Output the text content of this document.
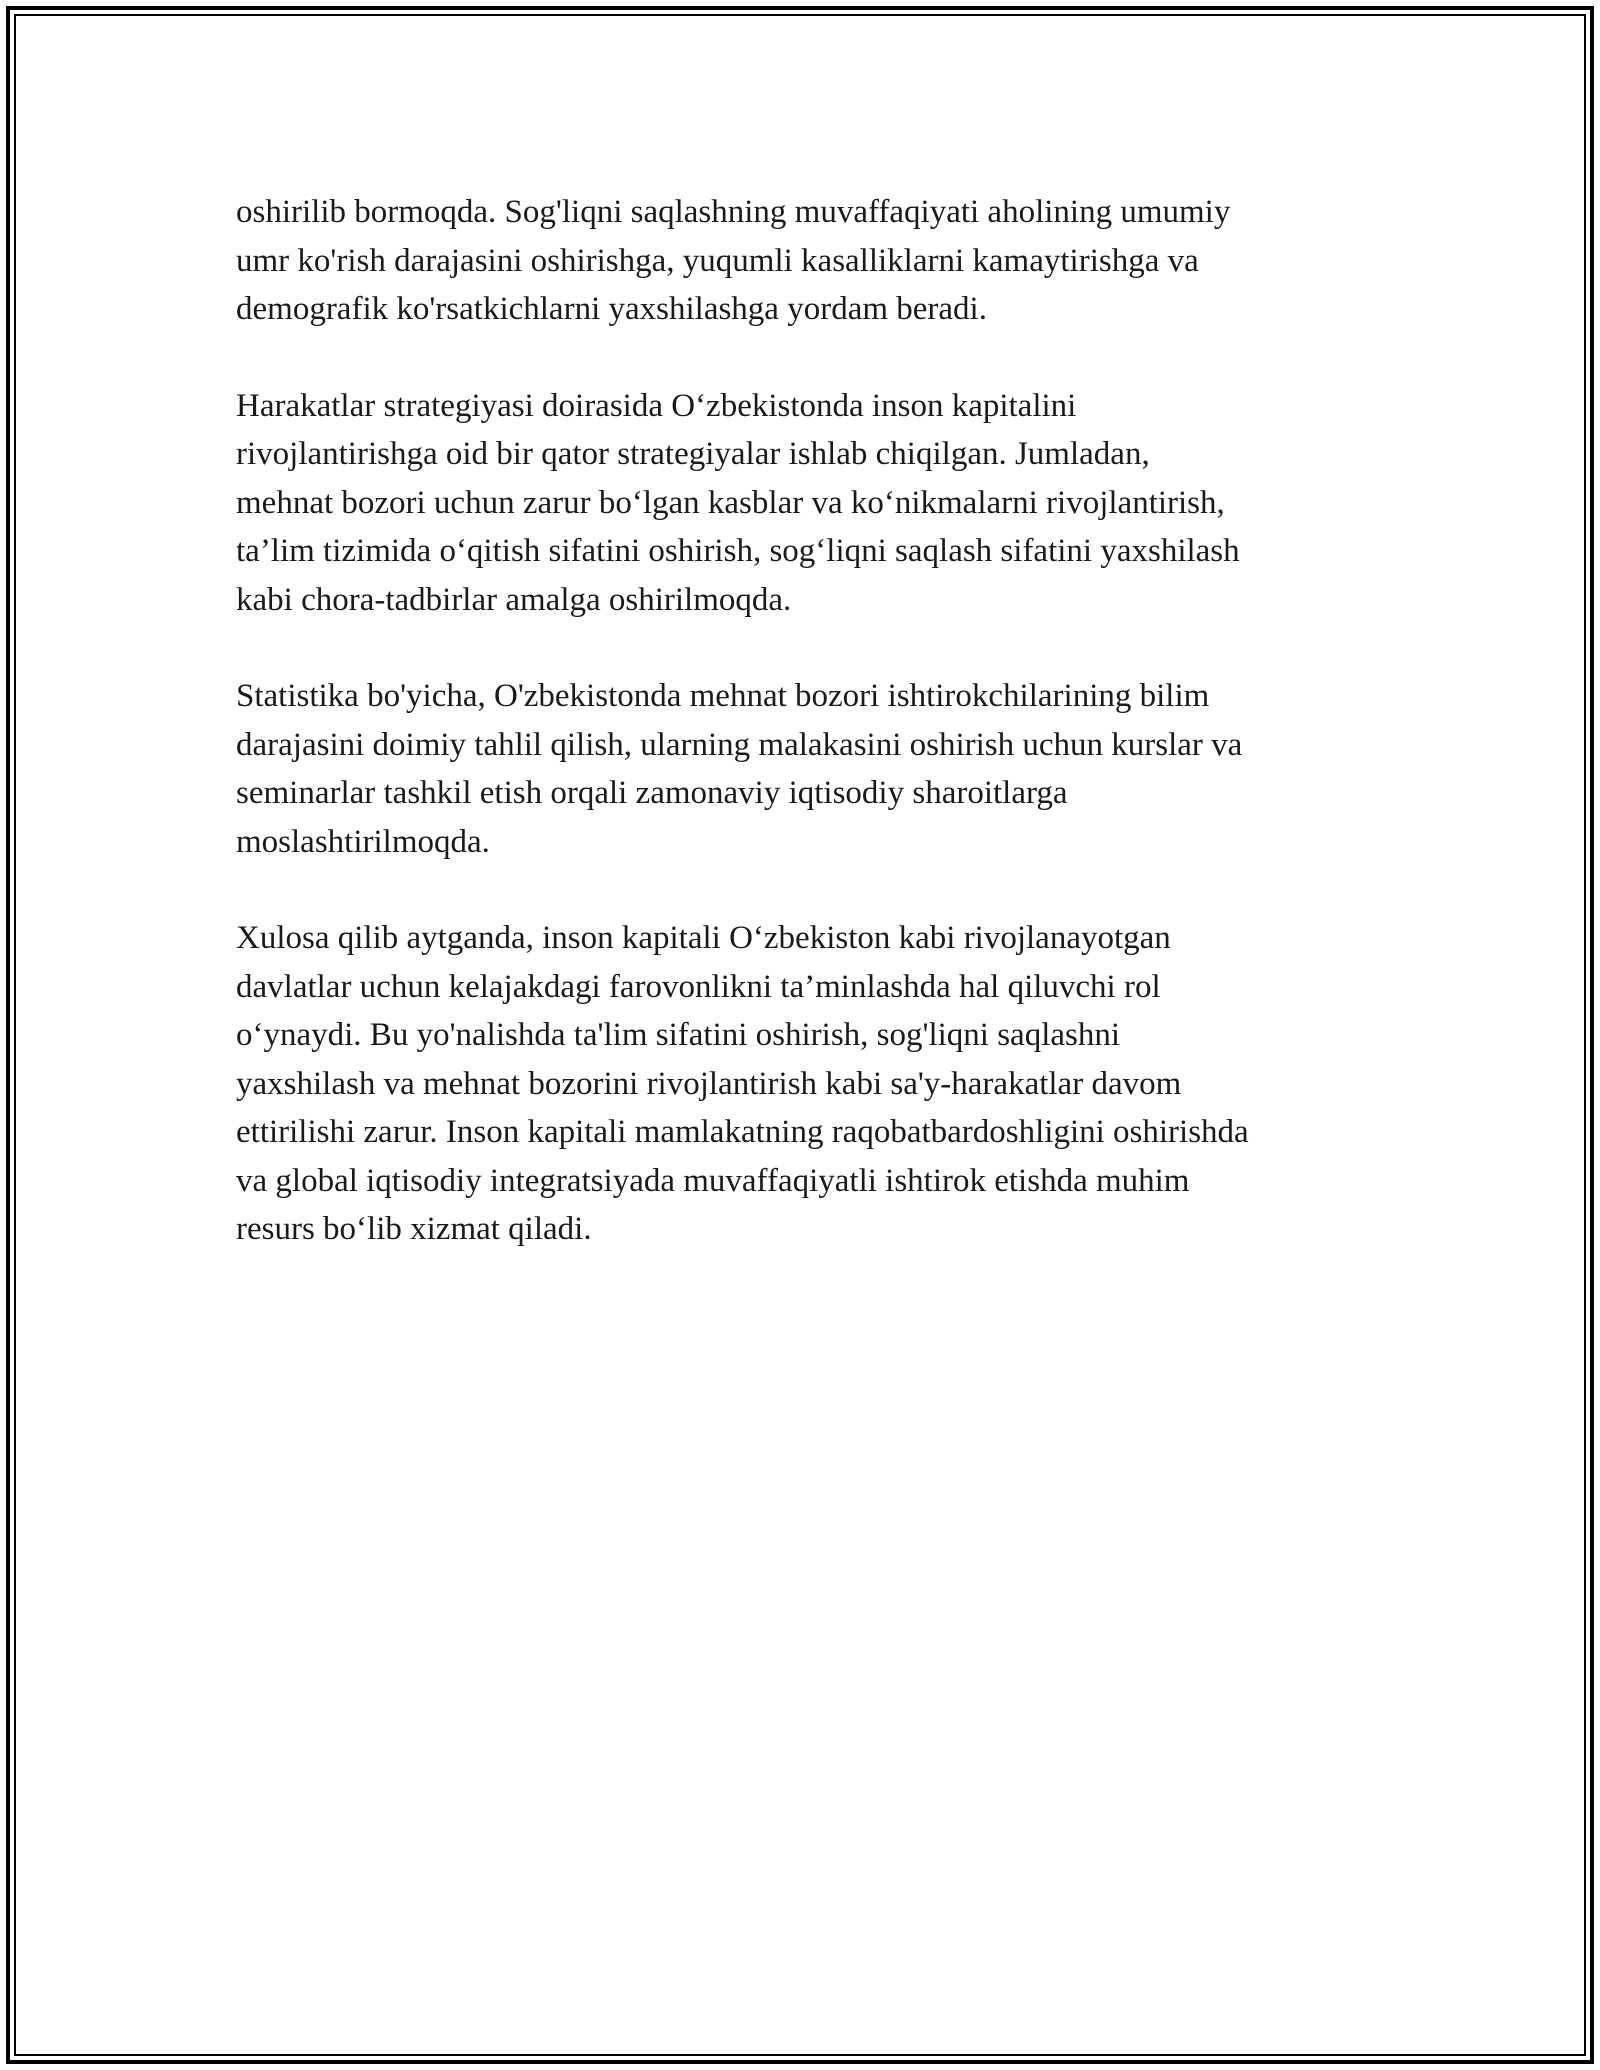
oshirilib bormoqda. Sog'liqni saqlashning muvaffaqiyati aholining umumiy
umr ko'rish darajasini oshirishga, yuqumli kasalliklarni kamaytirishga va
demografik ko'rsatkichlarni yaxshilashga yordam beradi.

Harakatlar strategiyasi doirasida O‘zbekistonda inson kapitalini
rivojlantirishga oid bir qator strategiyalar ishlab chiqilgan. Jumladan,
mehnat bozori uchun zarur bo‘lgan kasblar va ko‘nikmalarni rivojlantirish,
ta’lim tizimida o‘qitish sifatini oshirish, sog‘liqni saqlash sifatini yaxshilash
kabi chora-tadbirlar amalga oshirilmoqda.

Statistika bo'yicha, O'zbekistonda mehnat bozori ishtirokchilarining bilim
darajasini doimiy tahlil qilish, ularning malakasini oshirish uchun kurslar va
seminarlar tashkil etish orqali zamonaviy iqtisodiy sharoitlarga
moslashtirilmoqda.

Xulosa qilib aytganda, inson kapitali O‘zbekiston kabi rivojlanayotgan
davlatlar uchun kelajakdagi farovonlikni ta’minlashda hal qiluvchi rol
o‘ynaydi. Bu yo'nalishda ta'lim sifatini oshirish, sog'liqni saqlashni
yaxshilash va mehnat bozorini rivojlantirish kabi sa'y-harakatlar davom
ettirilishi zarur. Inson kapitali mamlakatning raqobatbardoshligini oshirishda
va global iqtisodiy integratsiyada muvaffaqiyatli ishtirok etishda muhim
resurs bo‘lib xizmat qiladi.
